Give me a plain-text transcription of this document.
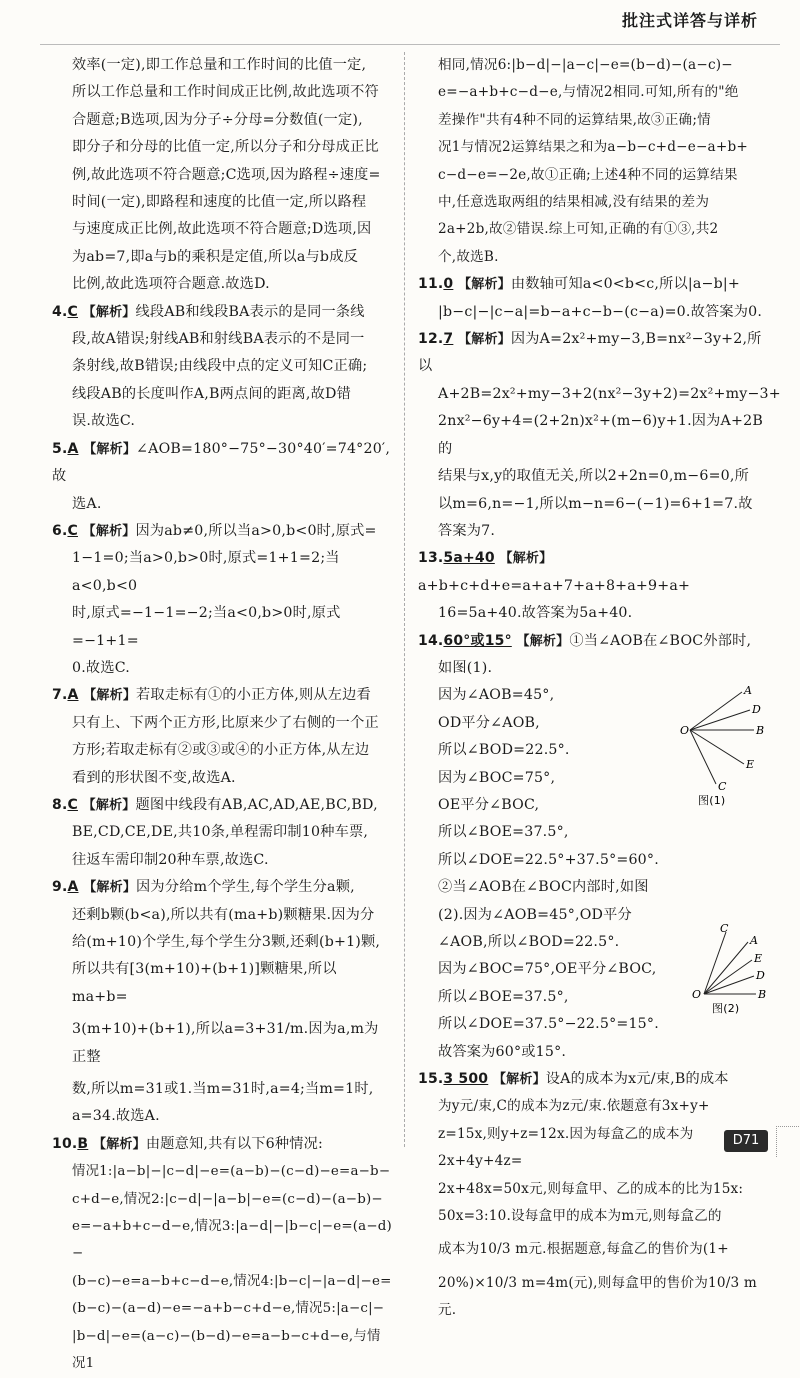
批注式详答与详析

效率(一定),即工作总量和工作时间的比值一定,

所以工作总量和工作时间成正比例,故此选项不符

合题意;B选项,因为分子÷分母=分数值(一定),

即分子和分母的比值一定,所以分子和分母成正比

例,故此选项不符合题意;C选项,因为路程÷速度=

时间(一定),即路程和速度的比值一定,所以路程

与速度成正比例,故此选项不符合题意;D选项,因

为ab=7,即a与b的乘积是定值,所以a与b成反

比例,故此选项符合题意.故选D.

4.C 【解析】线段AB和线段BA表示的是同一条线

段,故A错误;射线AB和射线BA表示的不是同一

条射线,故B错误;由线段中点的定义可知C正确;

线段AB的长度叫作A,B两点间的距离,故D错

误.故选C.

5.A 【解析】∠AOB=180°−75°−30°40′=74°20′,故

选A.

6.C 【解析】因为ab≠0,所以当a>0,b<0时,原式=

1−1=0;当a>0,b>0时,原式=1+1=2;当a<0,b<0

时,原式=−1−1=−2;当a<0,b>0时,原式=−1+1=

0.故选C.

7.A 【解析】若取走标有①的小正方体,则从左边看

只有上、下两个正方形,比原来少了右侧的一个正

方形;若取走标有②或③或④的小正方体,从左边

看到的形状图不变,故选A.

8.C 【解析】题图中线段有AB,AC,AD,AE,BC,BD,

BE,CD,CE,DE,共10条,单程需印制10种车票,

往返车需印制20种车票,故选C.

9.A 【解析】因为分给m个学生,每个学生分a颗,

还剩b颗(b<a),所以共有(ma+b)颗糖果.因为分

给(m+10)个学生,每个学生分3颗,还剩(b+1)颗,

所以共有[3(m+10)+(b+1)]颗糖果,所以ma+b=

3(m+10)+(b+1),所以a=3+31/m.因为a,m为正整

数,所以m=31或1.当m=31时,a=4;当m=1时,

a=34.故选A.

10.B 【解析】由题意知,共有以下6种情况:

情况1:|a−b|−|c−d|−e=(a−b)−(c−d)−e=a−b−

c+d−e,情况2:|c−d|−|a−b|−e=(c−d)−(a−b)−

e=−a+b+c−d−e,情况3:|a−d|−|b−c|−e=(a−d)−

(b−c)−e=a−b+c−d−e,情况4:|b−c|−|a−d|−e=

(b−c)−(a−d)−e=−a+b−c+d−e,情况5:|a−c|−

|b−d|−e=(a−c)−(b−d)−e=a−b−c+d−e,与情况1

相同,情况6:|b−d|−|a−c|−e=(b−d)−(a−c)−

e=−a+b+c−d−e,与情况2相同.可知,所有的"绝

差操作"共有4种不同的运算结果,故③正确;情

况1与情况2运算结果之和为a−b−c+d−e−a+b+

c−d−e=−2e,故①正确;上述4种不同的运算结果

中,任意选取两组的结果相减,没有结果的差为

2a+2b,故②错误.综上可知,正确的有①③,共2

个,故选B.

11.0 【解析】由数轴可知a<0<b<c,所以|a−b|+

|b−c|−|c−a|=b−a+c−b−(c−a)=0.故答案为0.

12.7 【解析】因为A=2x²+my−3,B=nx²−3y+2,所以

A+2B=2x²+my−3+2(nx²−3y+2)=2x²+my−3+

2nx²−6y+4=(2+2n)x²+(m−6)y+1.因为A+2B的

结果与x,y的取值无关,所以2+2n=0,m−6=0,所

以m=6,n=−1,所以m−n=6−(−1)=6+1=7.故

答案为7.

13.5a+40 【解析】a+b+c+d+e=a+a+7+a+8+a+9+a+

16=5a+40.故答案为5a+40.

14.60°或15° 【解析】①当∠AOB在∠BOC外部时,

如图(1).

因为∠AOB=45°,

OD平分∠AOB,

所以∠BOD=22.5°.

因为∠BOC=75°,

OE平分∠BOC,

所以∠BOE=37.5°,

所以∠DOE=22.5°+37.5°=60°.

②当∠AOB在∠BOC内部时,如图

(2).因为∠AOB=45°,OD平分

∠AOB,所以∠BOD=22.5°.

因为∠BOC=75°,OE平分∠BOC,

所以∠BOE=37.5°,

所以∠DOE=37.5°−22.5°=15°.

故答案为60°或15°.

A
D
B
E
C
O
图(1)
C
A
E
D
B
O
图(2)

15.3 500 【解析】设A的成本为x元/束,B的成本

为y元/束,C的成本为z元/束.依题意有3x+y+

z=15x,则y+z=12x.因为每盒乙的成本为2x+4y+4z=

2x+48x=50x元,则每盒甲、乙的成本的比为15x:

50x=3:10.设每盒甲的成本为m元,则每盒乙的

成本为10/3 m元.根据题意,每盒乙的售价为(1+

20%)×10/3 m=4m(元),则每盒甲的售价为10/3 m元.

D71
